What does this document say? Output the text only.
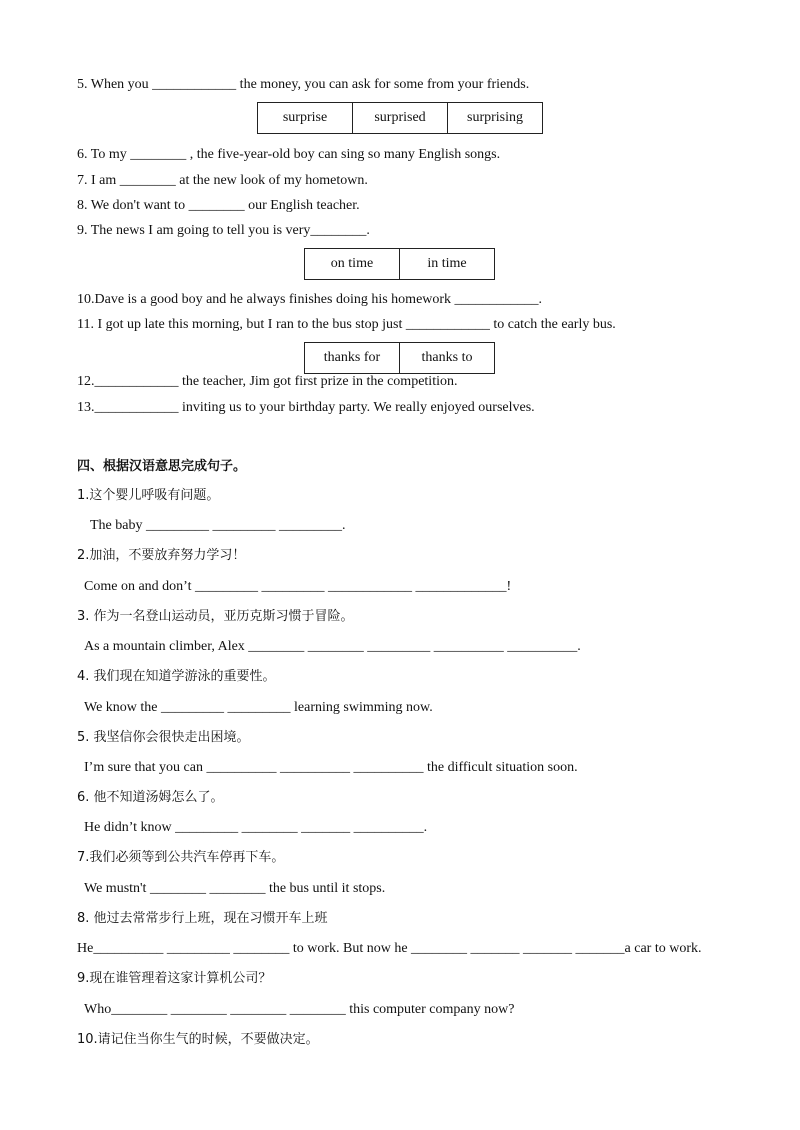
5. When you ____________ the money, you can ask for some from your friends.
surprise	surprised	surprising
6. To my ________ , the five-year-old boy can sing so many English songs.
7. I am ________ at the new look of my hometown.
8. We don't want to ________ our English teacher.
9. The news I am going to tell you is very________.
on time	in time
10.Dave is a good boy and he always finishes doing his homework ____________.
11. I got up late this morning, but I ran to the bus stop just ____________ to catch the early bus.
thanks for	thanks to
12.____________ the teacher, Jim got first prize in the competition.
13.____________ inviting us to your birthday party. We really enjoyed ourselves.
四、根据汉语意思完成句子。
1.这个婴儿呼吸有问题。
The baby _________ _________ _________.
2.加油，不要放弃努力学习！
Come on and don’t _________ _________ ____________ _____________!
3. 作为一名登山运动员，亚历克斯习惯于冒险。
As a mountain climber, Alex ________ ________ _________ __________ __________.
4. 我们现在知道学游泳的重要性。
We know the _________ _________ learning swimming now.
5. 我坚信你会很快走出困境。
I’m sure that you can __________ __________ __________ the difficult situation soon.
6. 他不知道汤姆怎么了。
He didn’t know _________ ________ _______ __________.
7.我们必须等到公共汽车停再下车。
We mustn't ________ ________ the bus until it stops.
8. 他过去常常步行上班，现在习惯开车上班
He__________ _________ ________ to work. But now he ________ _______ _______ _______a car to work.
9.现在谁管理着这家计算机公司？
Who________ ________ ________ ________ this computer company now?
10.请记住当你生气的时候，不要做决定。
